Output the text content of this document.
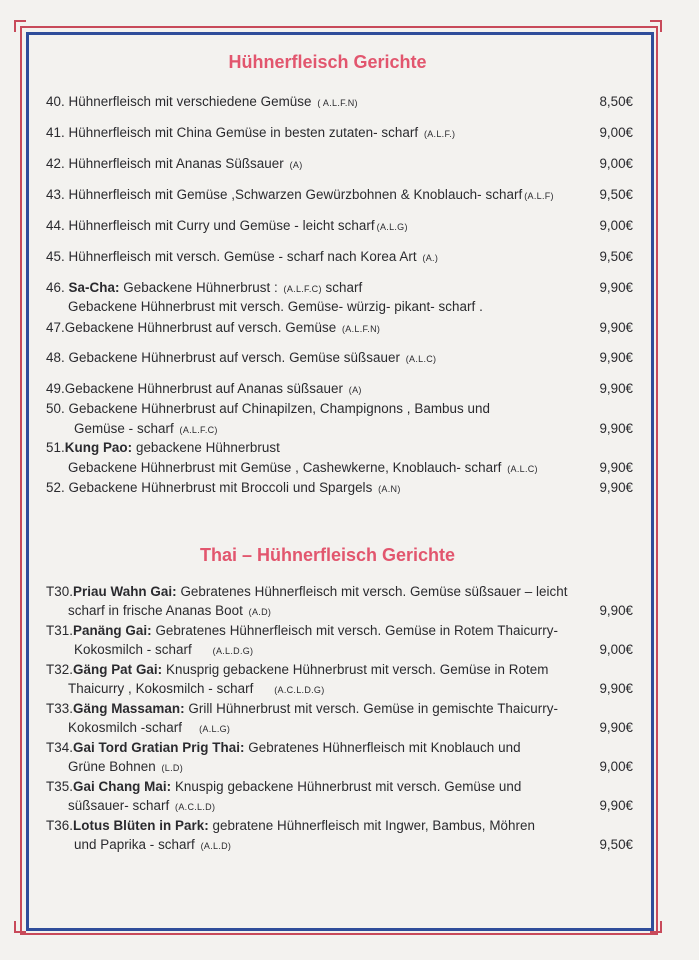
Hühnerfleisch Gerichte
40. Hühnerfleisch mit verschiedene Gemüse ( A.L.F.N)	8,50€
41. Hühnerfleisch mit China Gemüse in besten zutaten- scharf (A.L.F.)	9,00€
42. Hühnerfleisch mit Ananas Süßsauer (A)	9,00€
43. Hühnerfleisch mit Gemüse ,Schwarzen Gewürzbohnen & Knoblauch- scharf (A.L.F)	9,50€
44. Hühnerfleisch mit Curry und Gemüse - leicht scharf (A.L.G)	9,00€
45. Hühnerfleisch mit versch. Gemüse - scharf nach Korea Art (A.)	9,50€
46. Sa-Cha: Gebackene Hühnerbrust : (A.L.F.C) scharf	9,90€
Gebackene Hühnerbrust mit versch. Gemüse- würzig- pikant- scharf .
47.Gebackene Hühnerbrust auf versch. Gemüse (A.L.F.N)	9,90€
48. Gebackene Hühnerbrust auf versch. Gemüse süßsauer (A.L.C)	9,90€
49.Gebackene Hühnerbrust auf Ananas süßsauer (A)	9,90€
50. Gebackene Hühnerbrust auf Chinapilzen, Champignons , Bambus und
Gemüse - scharf (A.L.F.C)	9,90€
51.Kung Pao: gebackene Hühnerbrust
Gebackene Hühnerbrust mit Gemüse , Cashewkerne, Knoblauch- scharf (A.L.C)	9,90€
52. Gebackene Hühnerbrust mit Broccoli und Spargels (A.N)	9,90€
Thai – Hühnerfleisch Gerichte
T30.Priau Wahn Gai: Gebratenes Hühnerfleisch mit versch. Gemüse süßsauer – leicht
scharf in frische Ananas Boot (A.D)	9,90€
T31.Panäng Gai: Gebratenes Hühnerfleisch mit versch. Gemüse in Rotem Thaicurry-
Kokosmilch - scharf (A.L.D.G)	9,00€
T32.Gäng Pat Gai: Knusprig gebackene Hühnerbrust mit versch. Gemüse in Rotem
Thaicurry , Kokosmilch - scharf (A.C.L.D.G)	9,90€
T33.Gäng Massaman: Grill Hühnerbrust mit versch. Gemüse in gemischte Thaicurry-
Kokosmilch -scharf (A.L.G)	9,90€
T34.Gai Tord Gratian Prig Thai: Gebratenes Hühnerfleisch mit Knoblauch und
Grüne Bohnen (L.D)	9,00€
T35.Gai Chang Mai: Knuspig gebackene Hühnerbrust mit versch. Gemüse und
süßsauer- scharf (A.C.L.D)	9,90€
T36.Lotus Blüten in Park: gebratene Hühnerfleisch mit Ingwer, Bambus, Möhren
und Paprika - scharf (A.L.D)	9,50€
